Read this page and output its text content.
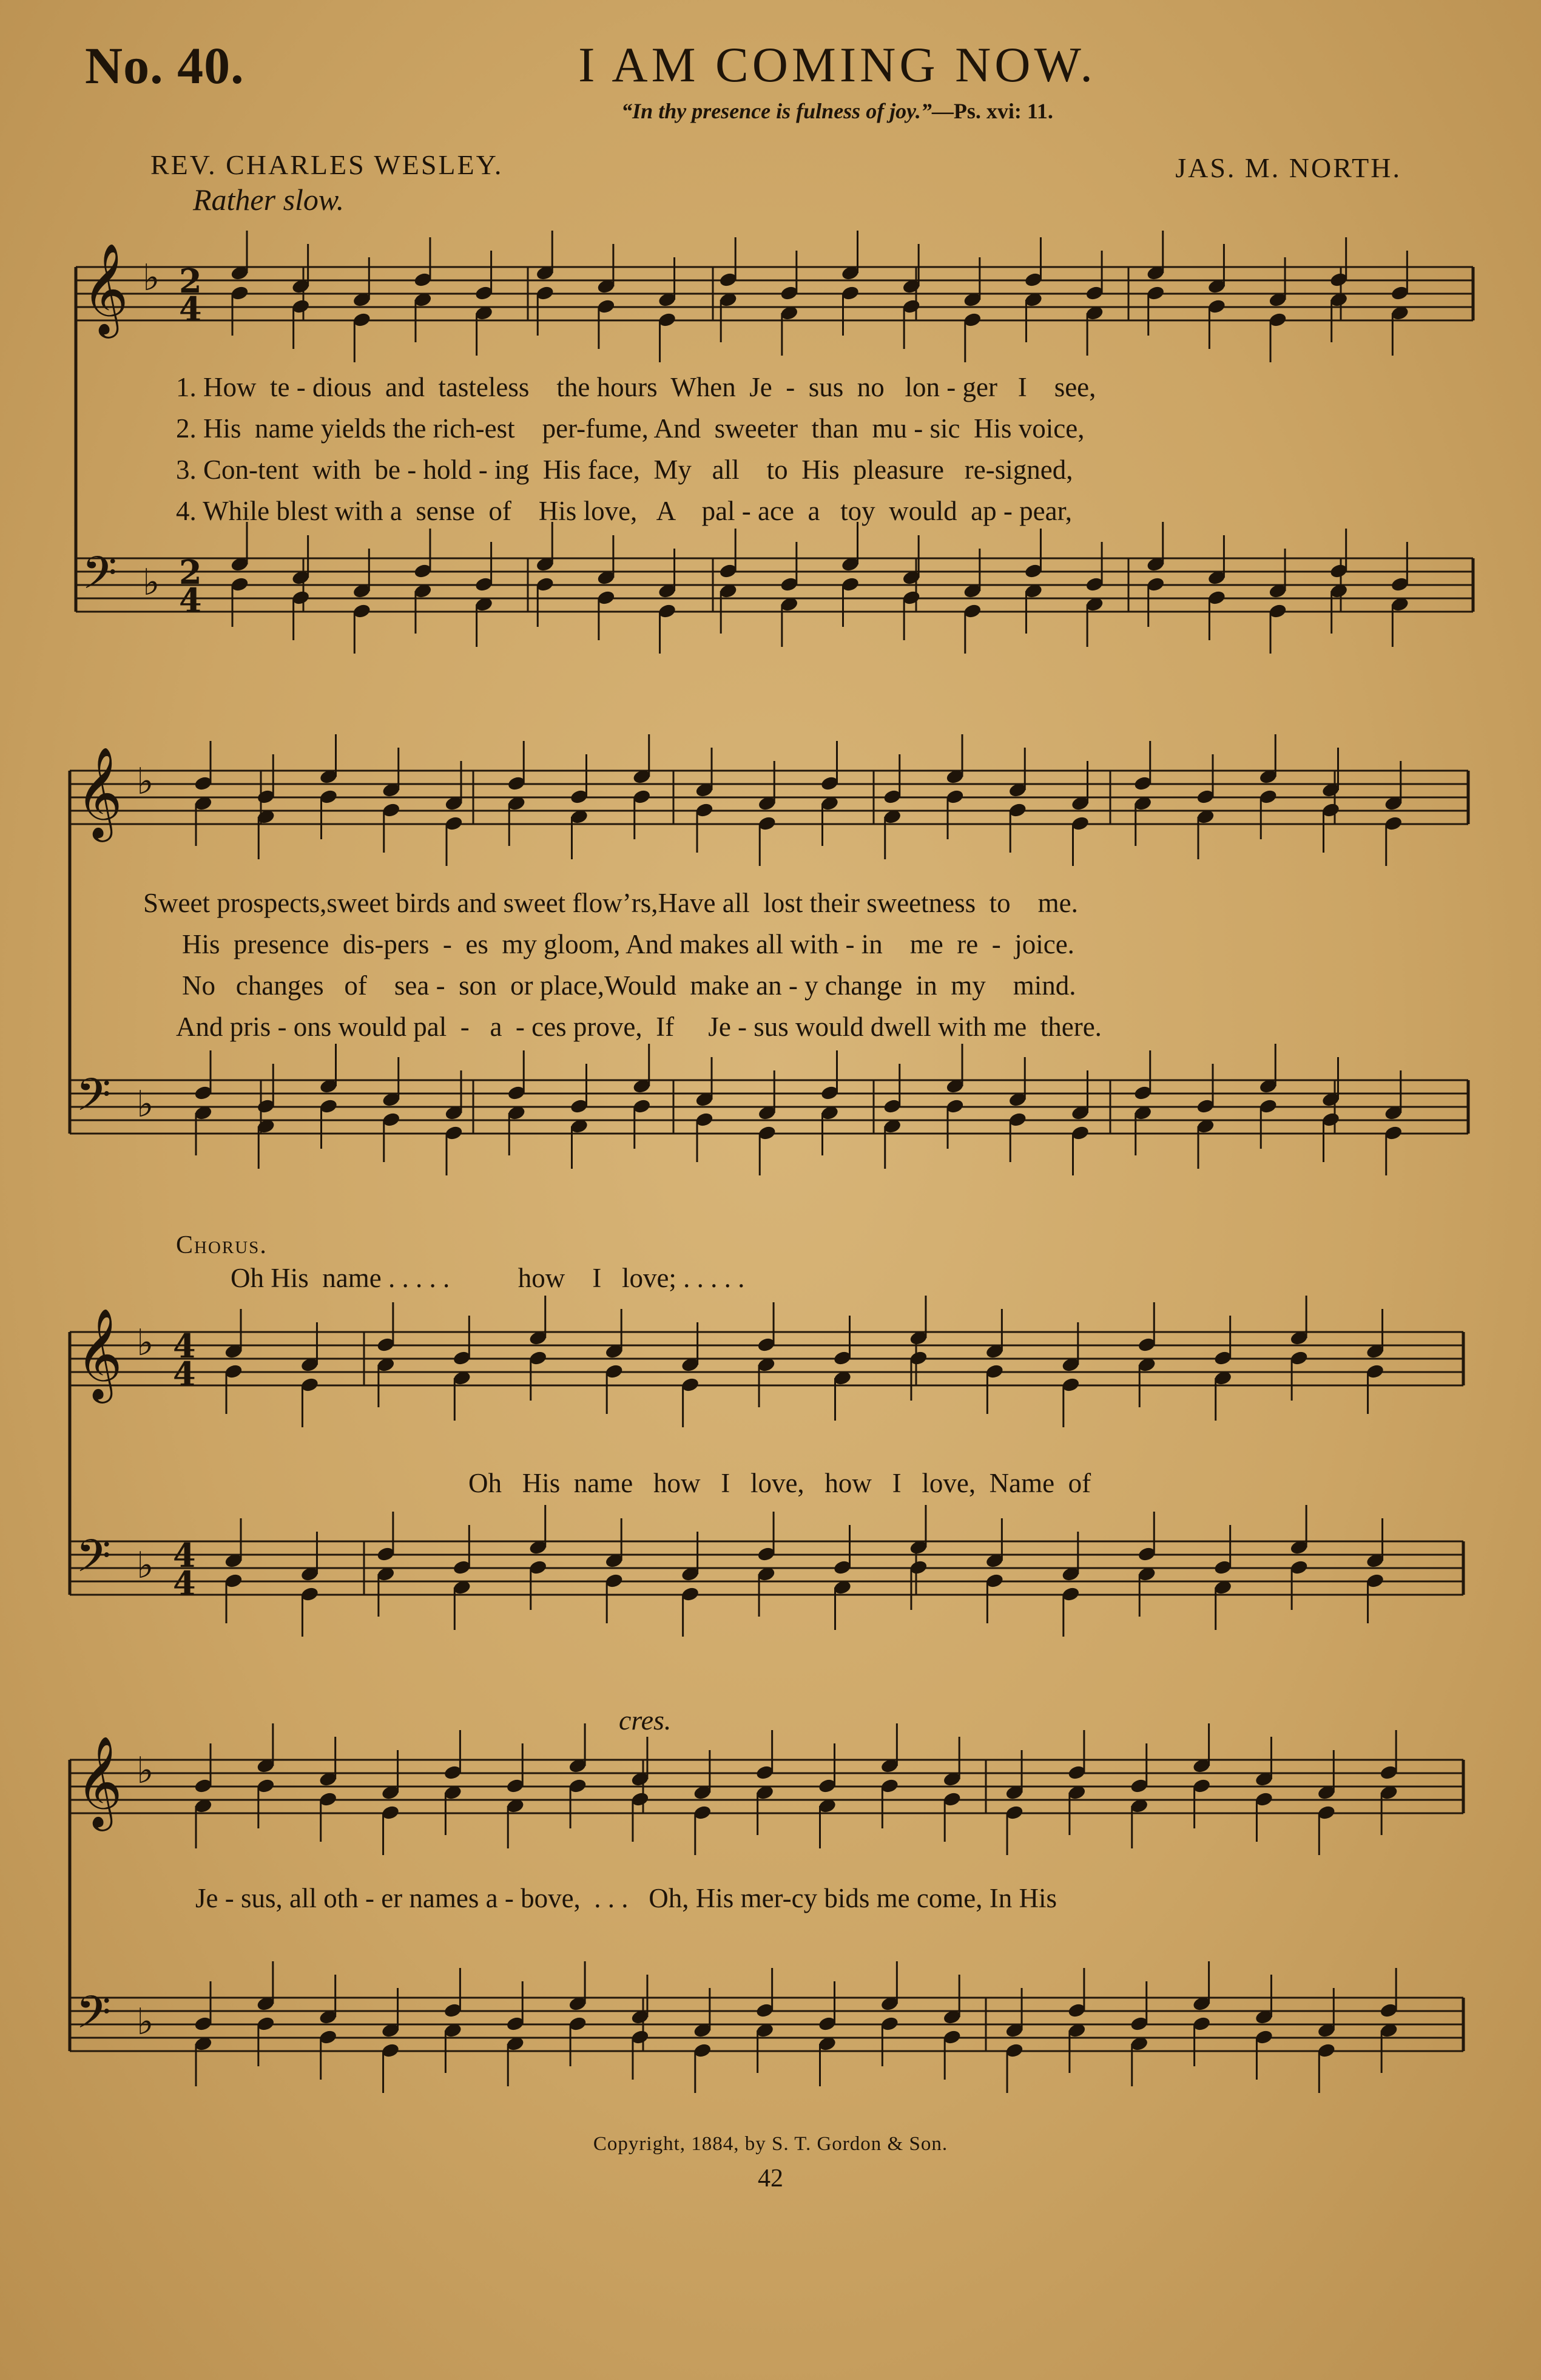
No. 40.	I AM COMING NOW.
“In thy presence is fulness of joy.”—Ps. xvi: 11.
REV. CHARLES WESLEY.	JAS. M. NORTH.
Rather slow.
𝄞 ♭ 2
4
𝄢 ♭ 2
4
𝄞 ♭
𝄢 ♭
𝄞 ♭ 4
4
𝄢 ♭ 4
4
𝄞 ♭
𝄢 ♭
1. How  te - dious  and  tasteless    the hours  When  Je  -  sus  no   lon - ger   I    see,
2. His  name yields the rich-est    per-fume, And  sweeter  than  mu - sic  His voice,
3. Con-tent  with  be - hold - ing  His face,  My   all    to  His  pleasure   re-signed,
4. While blest with a  sense  of    His love,   A    pal - ace  a   toy  would  ap - pear,
Sweet prospects,sweet birds and sweet flow’rs,Have all  lost their sweetness  to    me.
His  presence  dis-pers  -  es  my gloom, And makes all with - in    me  re  -  joice.
No   changes   of    sea -  son  or place,Would  make an - y change  in  my    mind.
And pris - ons would pal  -   a  - ces prove,  If     Je - sus would dwell with me  there.
Chorus.
Oh His  name . . . . .          how    I   love; . . . . .
Oh   His  name   how   I   love,   how   I   love,  Name  of
cres.
Je - sus, all oth - er names a - bove,  . . .   Oh, His mer-cy bids me come, In His
Copyright, 1884, by S. T. Gordon & Son.
42
